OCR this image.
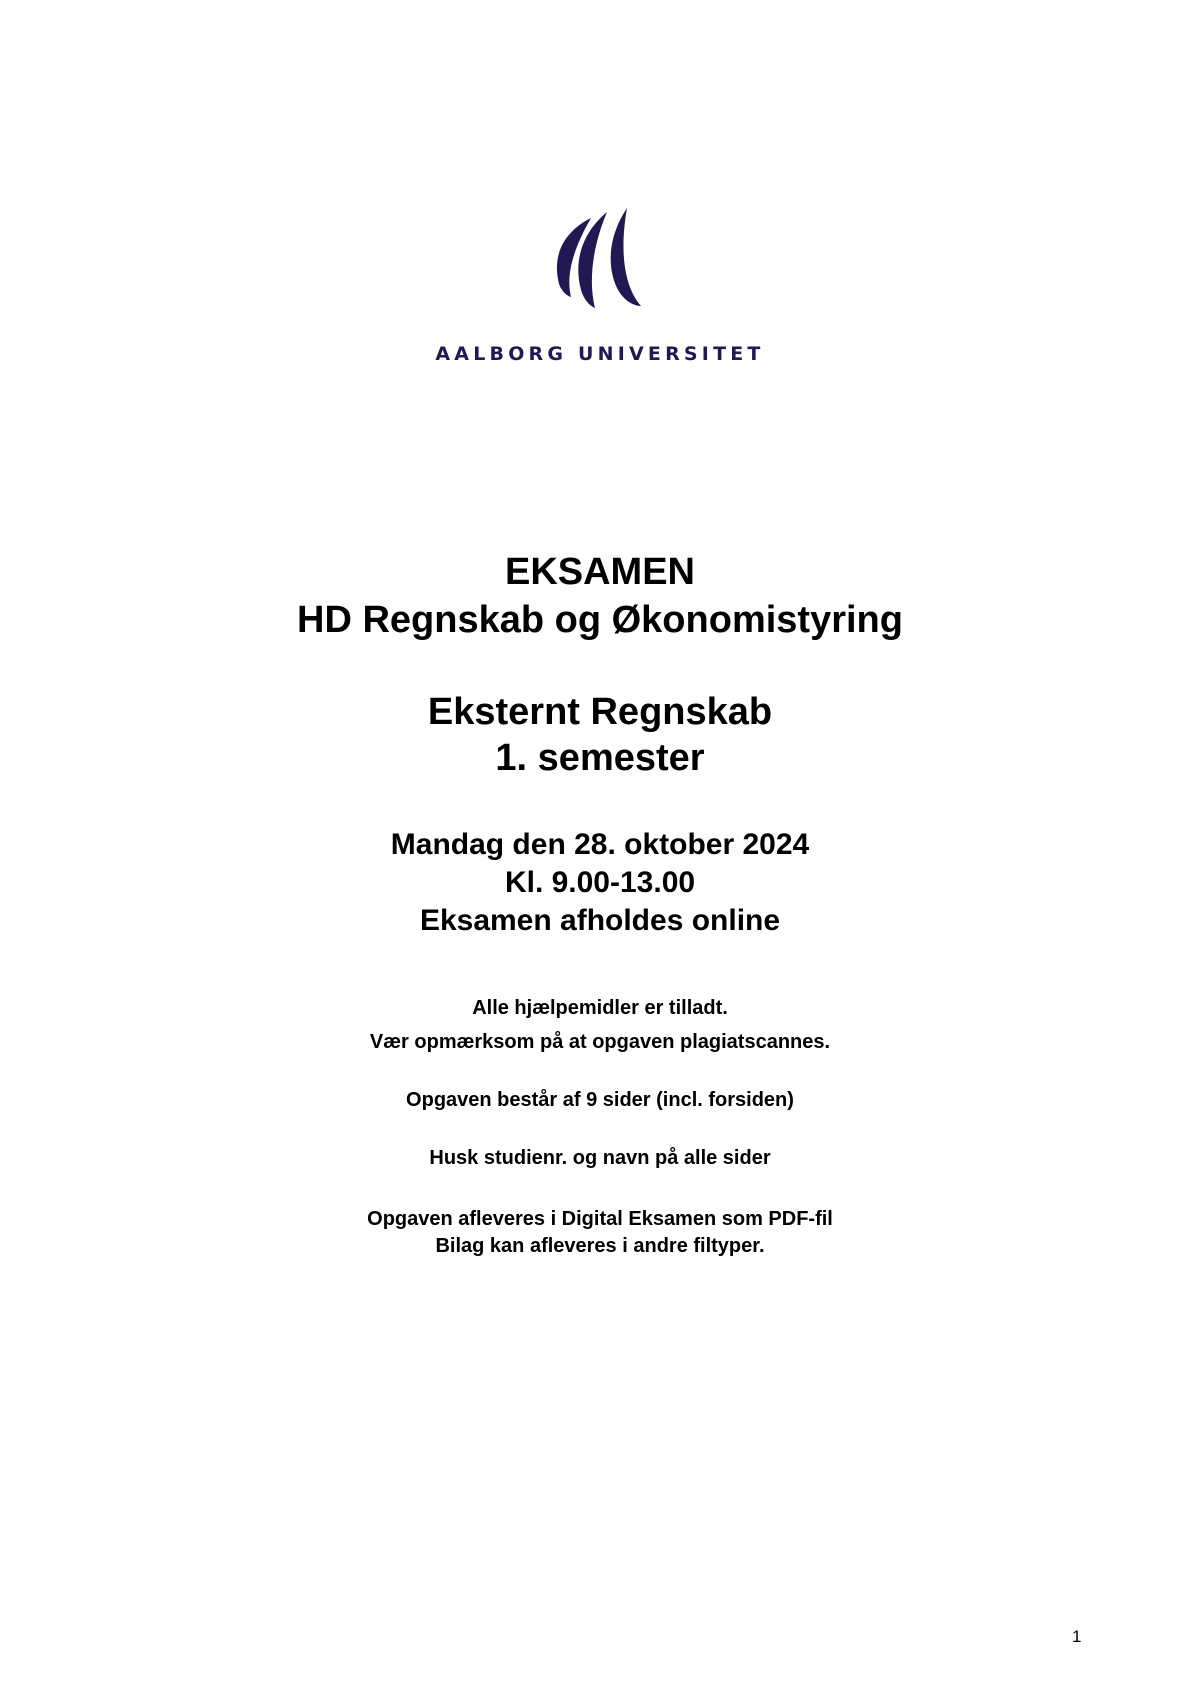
AALBORG UNIVERSITET
EKSAMEN
HD Regnskab og Økonomistyring
Eksternt Regnskab
1. semester
Mandag den 28. oktober 2024
Kl. 9.00-13.00
Eksamen afholdes online
Alle hjælpemidler er tilladt.
Vær opmærksom på at opgaven plagiatscannes.
Opgaven består af 9 sider (incl. forsiden)
Husk studienr. og navn på alle sider
Opgaven afleveres i Digital Eksamen som PDF-fil
Bilag kan afleveres i andre filtyper.
1
